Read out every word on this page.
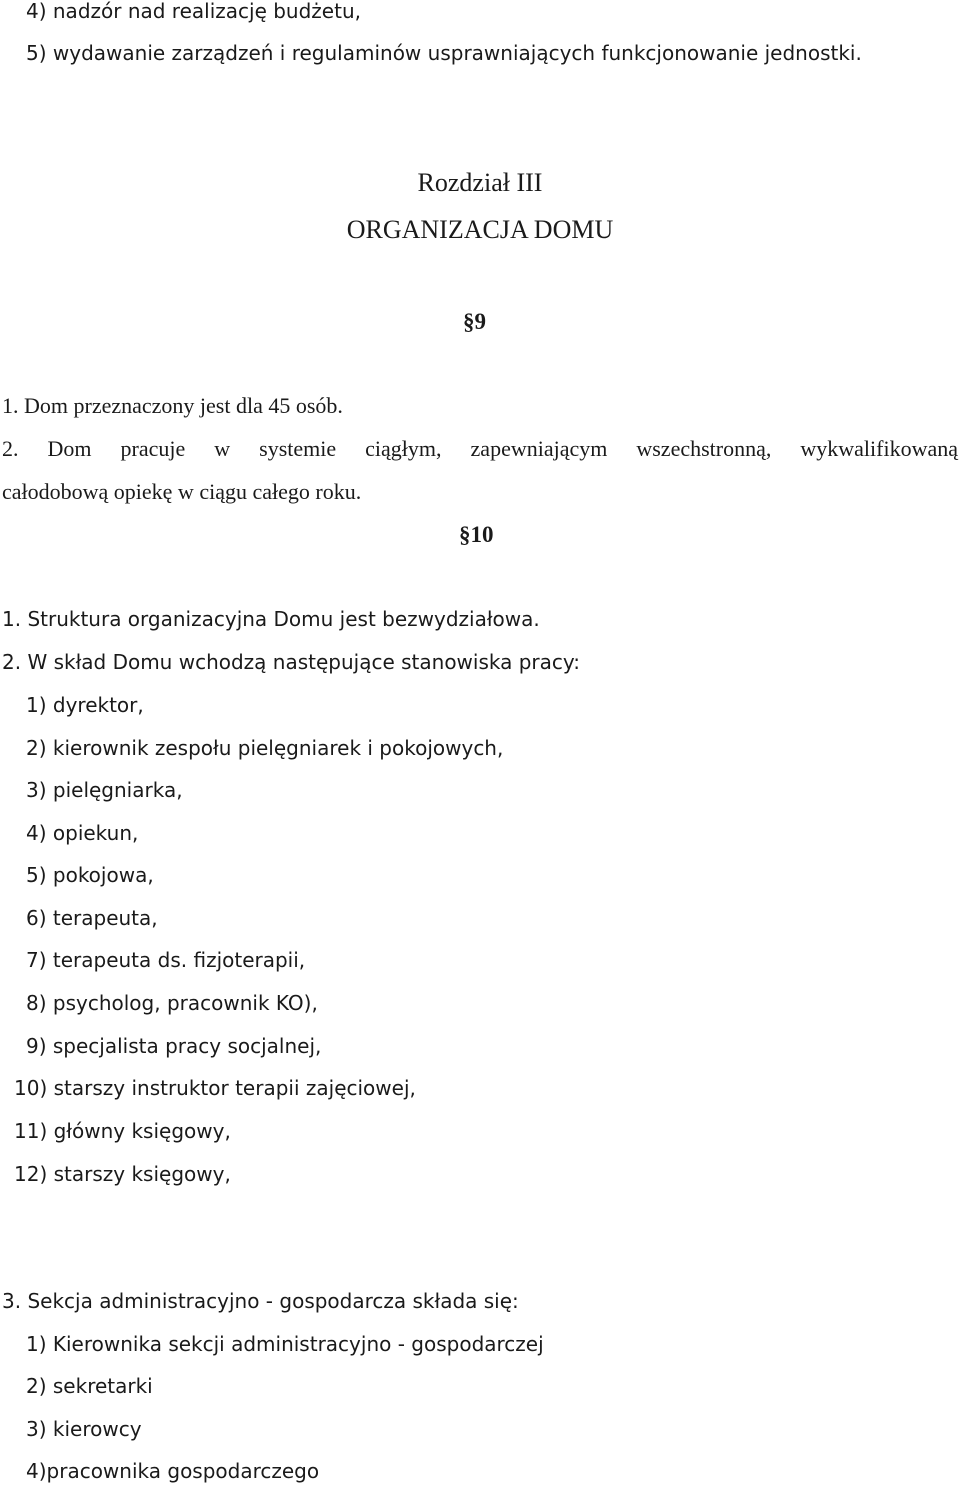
4) nadzór nad realizację budżetu,
5) wydawanie zarządzeń i regulaminów usprawniających funkcjonowanie jednostki.
Rozdział III
ORGANIZACJA DOMU
§9
1. Dom przeznaczony jest dla 45 osób.
2. Dom pracuje w systemie ciągłym, zapewniającym wszechstronną, wykwalifikowaną
całodobową opiekę w ciągu całego roku.
§10
1. Struktura organizacyjna Domu jest bezwydziałowa.
2. W skład Domu wchodzą następujące stanowiska pracy:
1) dyrektor,
2) kierownik zespołu pielęgniarek i pokojowych,
3) pielęgniarka,
4) opiekun,
5) pokojowa,
6) terapeuta,
7) terapeuta ds. fizjoterapii,
8) psycholog, pracownik KO),
9) specjalista pracy socjalnej,
10) starszy instruktor terapii zajęciowej,
11) główny księgowy,
12) starszy księgowy,
3. Sekcja administracyjno - gospodarcza składa się:
1) Kierownika sekcji administracyjno - gospodarczej
2) sekretarki
3) kierowcy
4)pracownika gospodarczego
